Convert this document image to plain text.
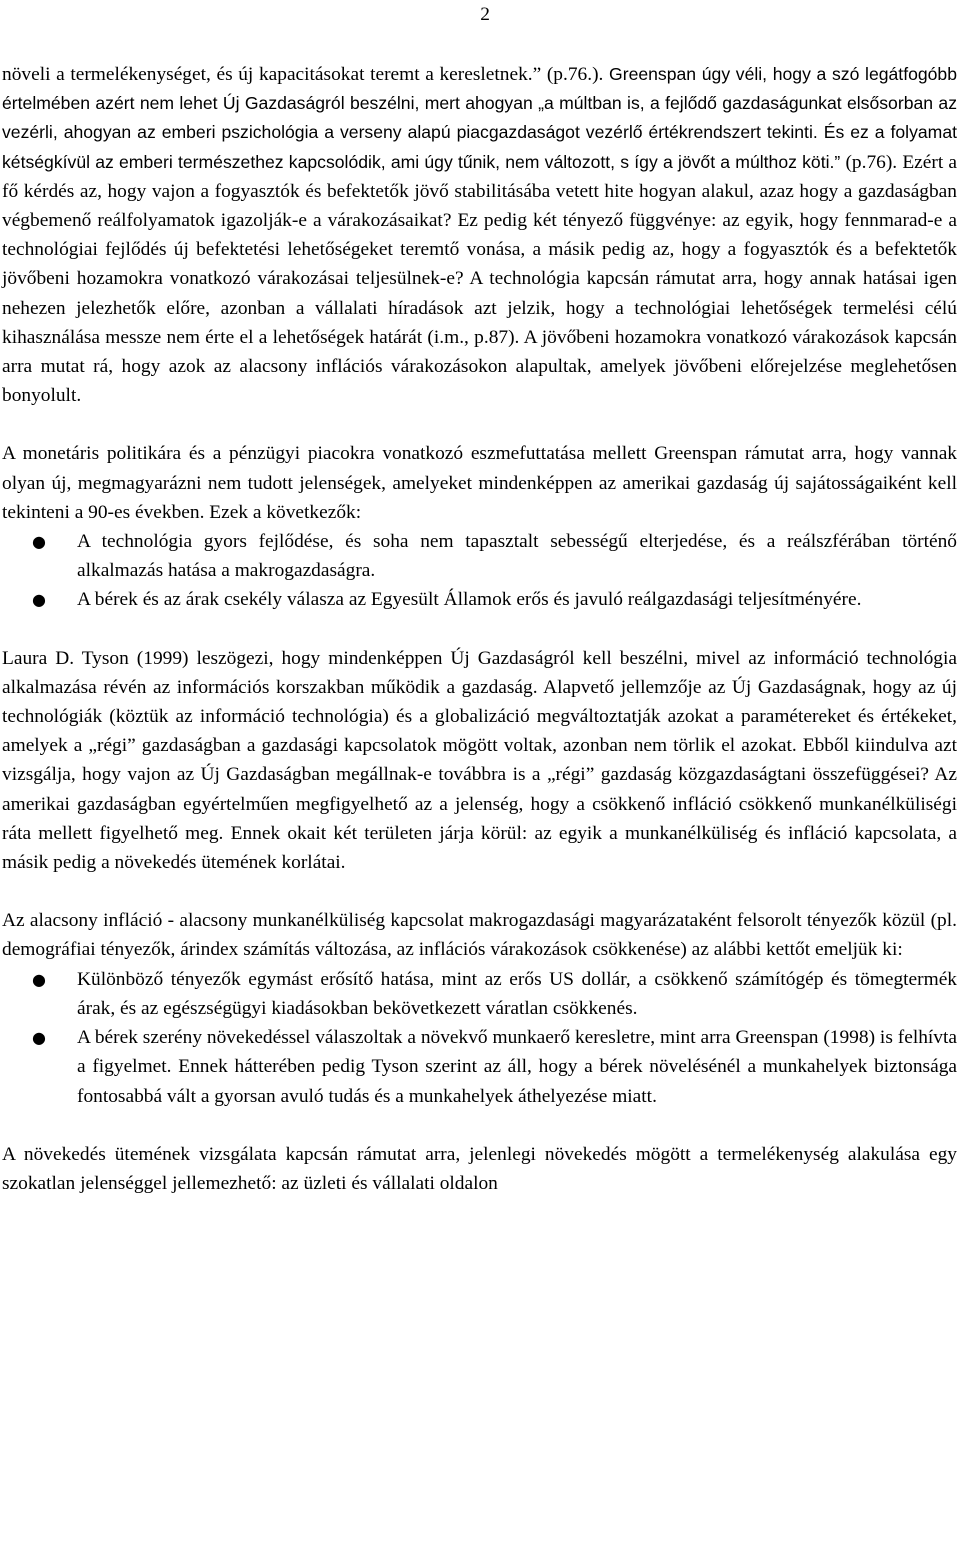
2

növeli a termelékenységet, és új kapacitásokat teremt a keresletnek.” (p.76.). Greenspan úgy véli, hogy a szó legátfogóbb értelmében azért nem lehet Új Gazdaságról beszélni, mert ahogyan „a múltban is, a fejlődő gazdaságunkat elsősorban az vezérli, ahogyan az emberi pszichológia a verseny alapú piacgazdaságot vezérlő értékrendszert tekinti. És ez a folyamat kétségkívül az emberi természethez kapcsolódik, ami úgy tűnik, nem változott, s így a jövőt a múlthoz köti.” (p.76). Ezért a fő kérdés az, hogy vajon a fogyasztók és befektetők jövő stabilitásába vetett hite hogyan alakul, azaz hogy a gazdaságban végbemenő reálfolyamatok igazolják-e a várakozásaikat? Ez pedig két tényező függvénye: az egyik, hogy fennmarad-e a technológiai fejlődés új befektetési lehetőségeket teremtő vonása, a másik pedig az, hogy a fogyasztók és a befektetők jövőbeni hozamokra vonatkozó várakozásai teljesülnek-e? A technológia kapcsán rámutat arra, hogy annak hatásai igen nehezen jelezhetők előre, azonban a vállalati híradások azt jelzik, hogy a technológiai lehetőségek termelési célú kihasználása messze nem érte el a lehetőségek határát (i.m., p.87). A jövőbeni hozamokra vonatkozó várakozások kapcsán arra mutat rá, hogy azok az alacsony inflációs várakozásokon alapultak, amelyek jövőbeni előrejelzése meglehetősen bonyolult.

A monetáris politikára és a pénzügyi piacokra vonatkozó eszmefuttatása mellett Greenspan rámutat arra, hogy vannak olyan új, megmagyarázni nem tudott jelenségek, amelyeket mindenképpen az amerikai gazdaság új sajátosságaiként kell tekinteni a 90-es években. Ezek a következők:

● A technológia gyors fejlődése, és soha nem tapasztalt sebességű elterjedése, és a reálszférában történő alkalmazás hatása a makrogazdaságra.
● A bérek és az árak csekély válasza az Egyesült Államok erős és javuló reálgazdasági teljesítményére.

Laura D. Tyson (1999) leszögezi, hogy mindenképpen Új Gazdaságról kell beszélni, mivel az információ technológia alkalmazása révén az információs korszakban működik a gazdaság. Alapvető jellemzője az Új Gazdaságnak, hogy az új technológiák (köztük az információ technológia) és a globalizáció megváltoztatják azokat a paramétereket és értékeket, amelyek a „régi” gazdaságban a gazdasági kapcsolatok mögött voltak, azonban nem törlik el azokat. Ebből kiindulva azt vizsgálja, hogy vajon az Új Gazdaságban megállnak-e továbbra is a „régi” gazdaság közgazdaságtani összefüggései? Az amerikai gazdaságban egyértelműen megfigyelhető az a jelenség, hogy a csökkenő infláció csökkenő munkanélküliségi ráta mellett figyelhető meg. Ennek okait két területen járja körül: az egyik a munkanélküliség és infláció kapcsolata, a másik pedig a növekedés ütemének korlátai.

Az alacsony infláció - alacsony munkanélküliség kapcsolat makrogazdasági magyarázataként felsorolt tényezők közül (pl. demográfiai tényezők, árindex számítás változása, az inflációs várakozások csökkenése) az alábbi kettőt emeljük ki:

● Különböző tényezők egymást erősítő hatása, mint az erős US dollár, a csökkenő számítógép és tömegtermék árak, és az egészségügyi kiadásokban bekövetkezett váratlan csökkenés.
● A bérek szerény növekedéssel válaszoltak a növekvő munkaerő keresletre, mint arra Greenspan (1998) is felhívta a figyelmet. Ennek hátterében pedig Tyson szerint az áll, hogy a bérek növelésénél a munkahelyek biztonsága fontosabbá vált a gyorsan avuló tudás és a munkahelyek áthelyezése miatt.

A növekedés ütemének vizsgálata kapcsán rámutat arra, jelenlegi növekedés mögött a termelékenység alakulása egy szokatlan jelenséggel jellemezhető: az üzleti és vállalati oldalon
